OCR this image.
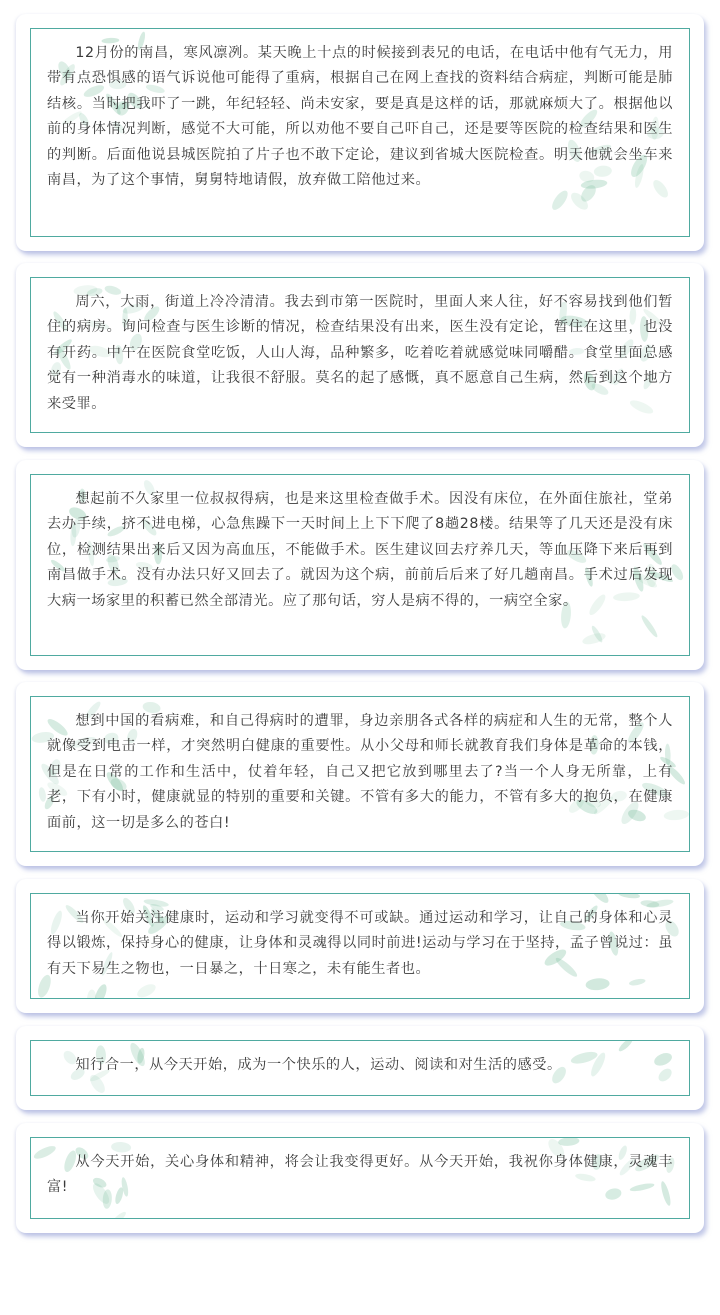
12月份的南昌，寒风凛冽。某天晚上十点的时候接到表兄的电话，在电话中他有气无力，用带有点恐惧感的语气诉说他可能得了重病，根据自己在网上查找的资料结合病症，判断可能是肺结核。当时把我吓了一跳，年纪轻轻、尚未安家，要是真是这样的话，那就麻烦大了。根据他以前的身体情况判断，感觉不大可能，所以劝他不要自己吓自己，还是要等医院的检查结果和医生的判断。后面他说县城医院拍了片子也不敢下定论，建议到省城大医院检查。明天他就会坐车来南昌，为了这个事情，舅舅特地请假，放弃做工陪他过来。

周六，大雨，街道上冷冷清清。我去到市第一医院时，里面人来人往，好不容易找到他们暂住的病房。询问检查与医生诊断的情况，检查结果没有出来，医生没有定论，暂住在这里，也没有开药。中午在医院食堂吃饭，人山人海，品种繁多，吃着吃着就感觉味同嚼醋。食堂里面总感觉有一种消毒水的味道，让我很不舒服。莫名的起了感慨，真不愿意自己生病，然后到这个地方来受罪。

想起前不久家里一位叔叔得病，也是来这里检查做手术。因没有床位，在外面住旅社，堂弟去办手续，挤不进电梯，心急焦躁下一天时间上上下下爬了8趟28楼。结果等了几天还是没有床位，检测结果出来后又因为高血压，不能做手术。医生建议回去疗养几天，等血压降下来后再到南昌做手术。没有办法只好又回去了。就因为这个病，前前后后来了好几趟南昌。手术过后发现大病一场家里的积蓄已然全部清光。应了那句话，穷人是病不得的，一病空全家。

想到中国的看病难，和自己得病时的遭罪，身边亲朋各式各样的病症和人生的无常，整个人就像受到电击一样，才突然明白健康的重要性。从小父母和师长就教育我们身体是革命的本钱，但是在日常的工作和生活中，仗着年轻，自己又把它放到哪里去了?当一个人身无所靠，上有老，下有小时，健康就显的特别的重要和关键。不管有多大的能力，不管有多大的抱负，在健康面前，这一切是多么的苍白!

当你开始关注健康时，运动和学习就变得不可或缺。通过运动和学习，让自己的身体和心灵得以锻炼，保持身心的健康，让身体和灵魂得以同时前进!运动与学习在于坚持，孟子曾说过：虽有天下易生之物也，一日暴之，十日寒之，未有能生者也。

知行合一，从今天开始，成为一个快乐的人，运动、阅读和对生活的感受。

从今天开始，关心身体和精神，将会让我变得更好。从今天开始，我祝你身体健康，灵魂丰富!
